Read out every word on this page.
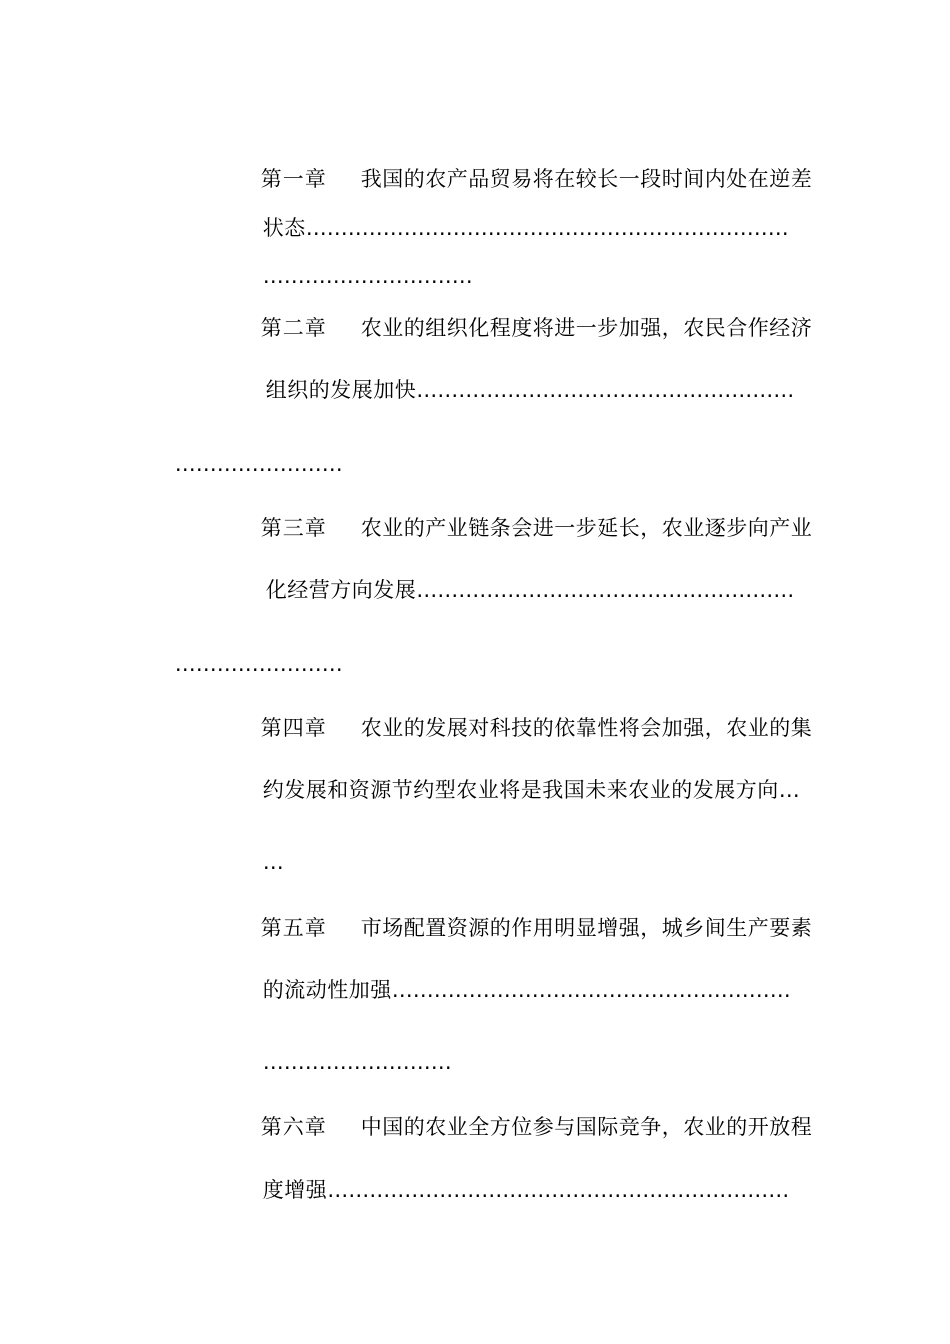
第一章 我国的农产品贸易将在较长一段时间内处在逆差

状态……………………………………………………………

…………………………

第二章 农业的组织化程度将进一步加强，农民合作经济

组织的发展加快………………………………………………

……………………

第三章 农业的产业链条会进一步延长，农业逐步向产业

化经营方向发展………………………………………………

……………………

第四章 农业的发展对科技的依靠性将会加强，农业的集

约发展和资源节约型农业将是我国未来农业的发展方向…

…

第五章 市场配置资源的作用明显增强，城乡间生产要素

的流动性加强…………………………………………………

………………………

第六章 中国的农业全方位参与国际竞争，农业的开放程

度增强…………………………………………………………
